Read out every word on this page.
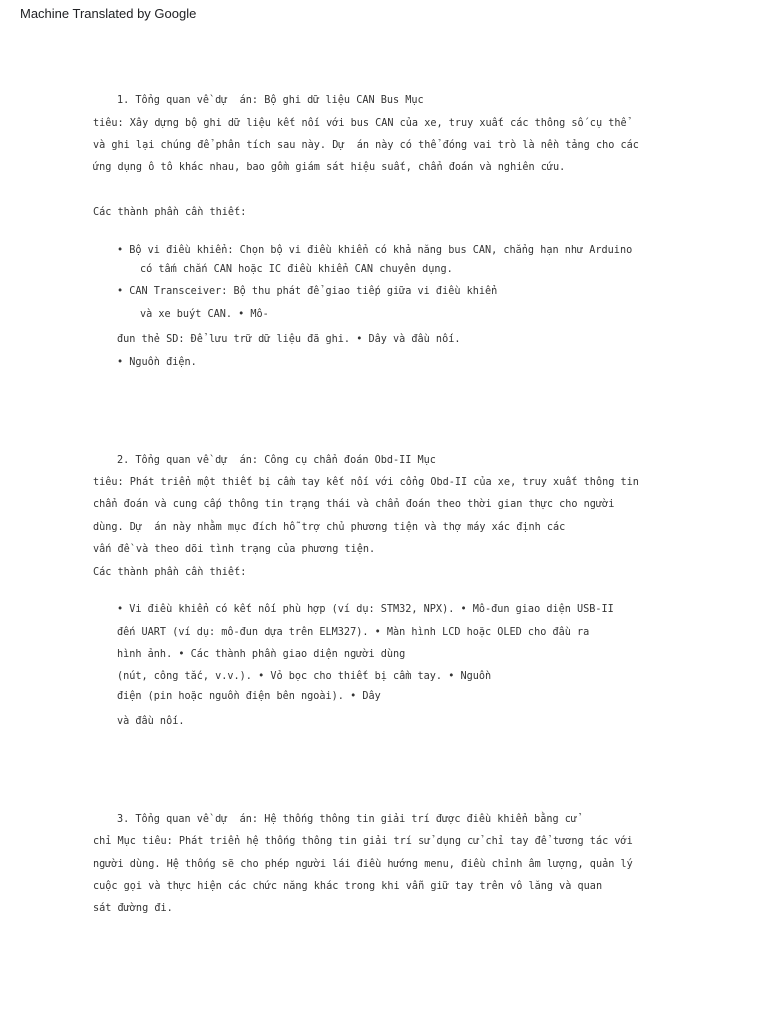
Machine Translated by Google
1. Tổng quan về dự  án: Bộ ghi dữ liệu CAN Bus Mục
tiêu: Xây dựng bộ ghi dữ liệu kết nối với bus CAN của xe, truy xuất các thông số cụ thể
và ghi lại chúng để phân tích sau này. Dự  án này có thể đóng vai trò là nền tảng cho các
ứng dụng ô tô khác nhau, bao gồm giám sát hiệu suất, chẩn đoán và nghiên cứu.
Các thành phần cần thiết:
• Bộ vi điều khiển: Chọn bộ vi điều khiển có khả năng bus CAN, chẳng hạn như Arduino
có tấm chắn CAN hoặc IC điều khiển CAN chuyên dụng.
• CAN Transceiver: Bộ thu phát để giao tiếp giữa vi điều khiển
và xe buýt CAN. • Mô-
đun thẻ SD: Để lưu trữ dữ liệu đã ghi. • Dây và đầu nối.
• Nguồn điện.
2. Tổng quan về dự  án: Công cụ chẩn đoán Obd-II Mục
tiêu: Phát triển một thiết bị cầm tay kết nối với cổng Obd-II của xe, truy xuất thông tin
chẩn đoán và cung cấp thông tin trạng thái và chẩn đoán theo thời gian thực cho người
dùng. Dự  án này nhằm mục đích hỗ trợ chủ phương tiện và thợ máy xác định các
vấn đề và theo dõi tình trạng của phương tiện.
Các thành phần cần thiết:
• Vi điều khiển có kết nối phù hợp (ví dụ: STM32, NPX). • Mô-đun giao diện USB-II
đến UART (ví dụ: mô-đun dựa trên ELM327). • Màn hình LCD hoặc OLED cho đầu ra
hình ảnh. • Các thành phần giao diện người dùng
(nút, công tắc, v.v.). • Vỏ bọc cho thiết bị cầm tay. • Nguồn
điện (pin hoặc nguồn điện bên ngoài). • Dây
và đầu nối.
3. Tổng quan về dự  án: Hệ thống thông tin giải trí được điều khiển bằng cử
chỉ Mục tiêu: Phát triển hệ thống thông tin giải trí sử dụng cử chỉ tay để tương tác với
người dùng. Hệ thống sẽ cho phép người lái điều hướng menu, điều chỉnh âm lượng, quản lý
cuộc gọi và thực hiện các chức năng khác trong khi vẫn giữ tay trên vô lăng và quan
sát đường đi.
